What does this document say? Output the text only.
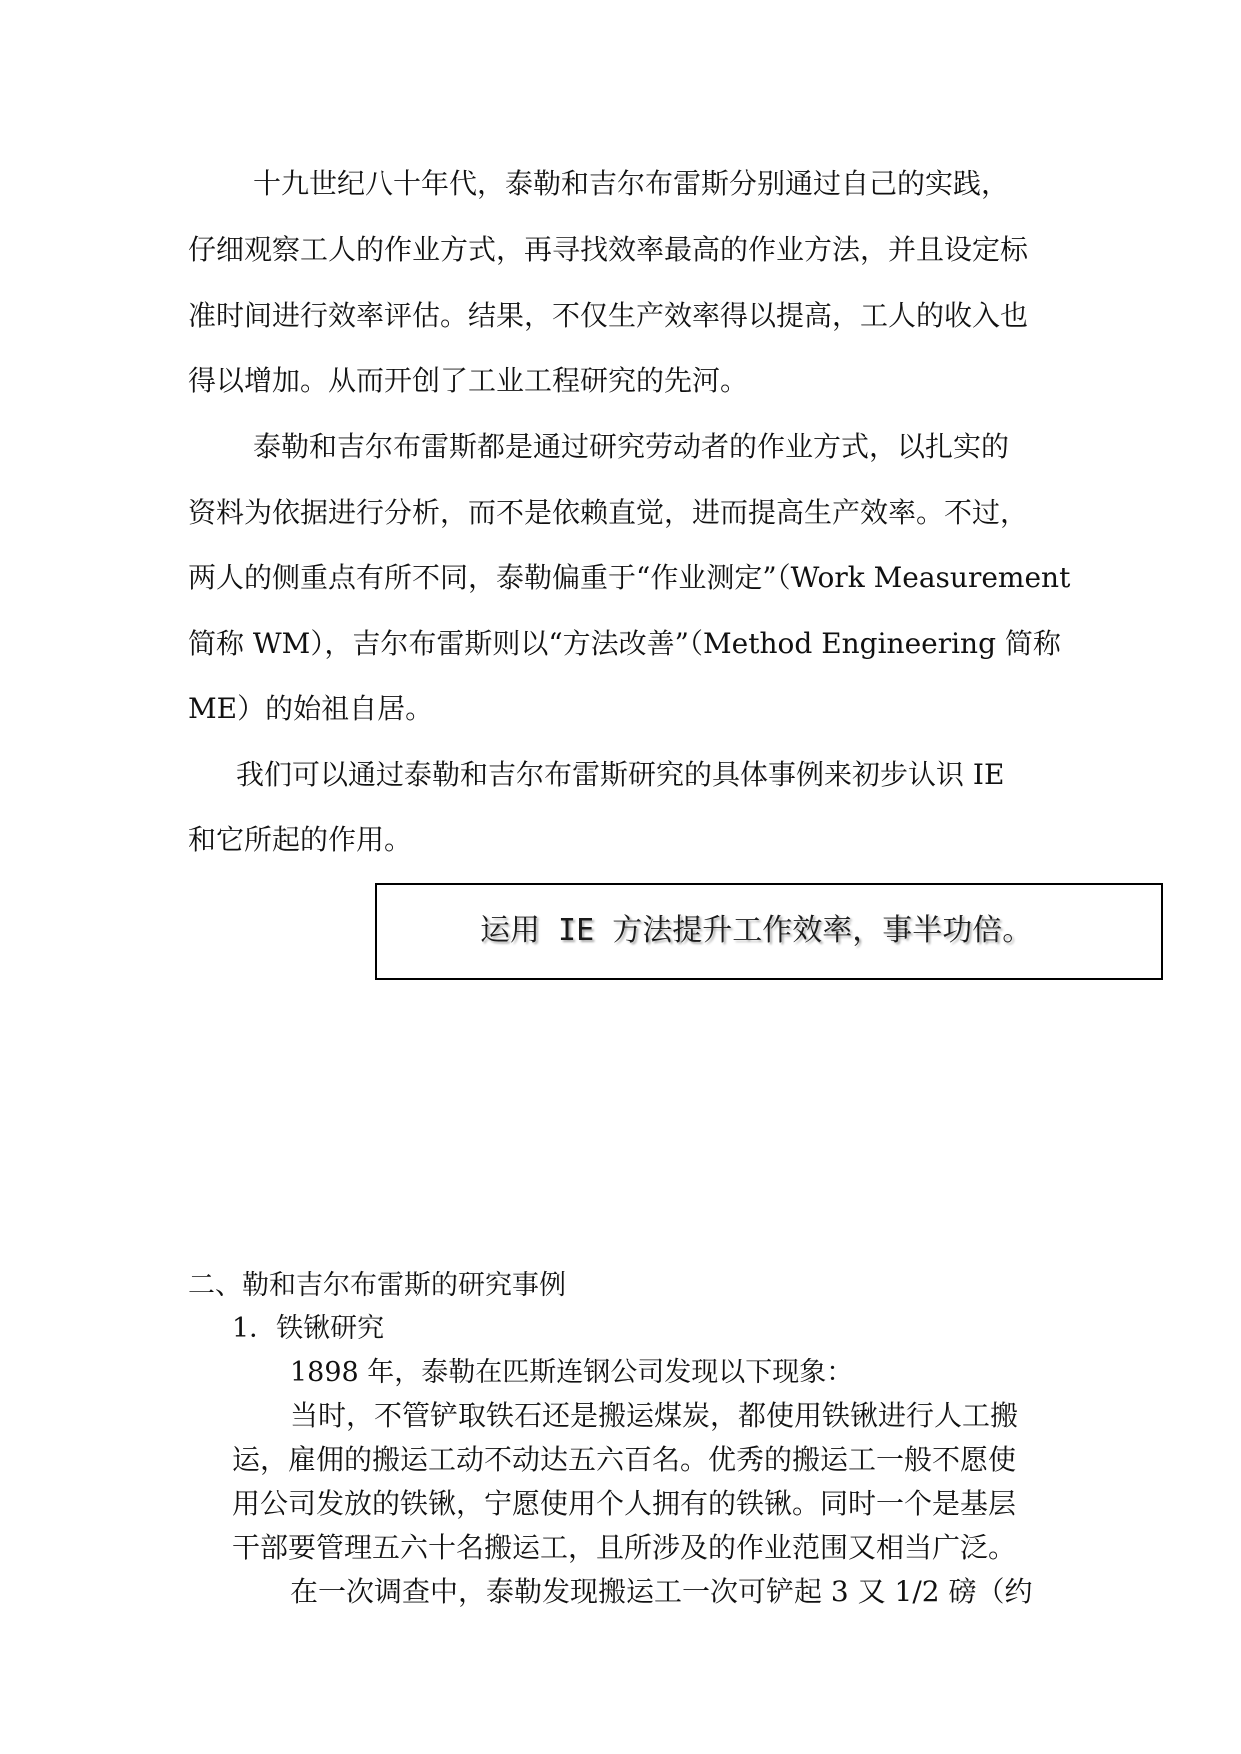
十九世纪八十年代，泰勒和吉尔布雷斯分别通过自己的实践，
仔细观察工人的作业方式，再寻找效率最高的作业方法，并且设定标
准时间进行效率评估。结果，不仅生产效率得以提高，工人的收入也
得以增加。从而开创了工业工程研究的先河。
泰勒和吉尔布雷斯都是通过研究劳动者的作业方式，以扎实的
资料为依据进行分析，而不是依赖直觉，进而提高生产效率。不过，
两人的侧重点有所不同，泰勒偏重于“作业测定”（Work Measurement
简称 WM），吉尔布雷斯则以“方法改善”（Method Engineering 简称
ME）的始祖自居。
我们可以通过泰勒和吉尔布雷斯研究的具体事例来初步认识 IE
和它所起的作用。
运用 IE 方法提升工作效率，事半功倍。
二、勒和吉尔布雷斯的研究事例
1．铁锹研究
1898 年，泰勒在匹斯连钢公司发现以下现象：
当时，不管铲取铁石还是搬运煤炭，都使用铁锹进行人工搬
运，雇佣的搬运工动不动达五六百名。优秀的搬运工一般不愿使
用公司发放的铁锹，宁愿使用个人拥有的铁锹。同时一个是基层
干部要管理五六十名搬运工，且所涉及的作业范围又相当广泛。
在一次调查中，泰勒发现搬运工一次可铲起 3 又 1/2 磅（约
